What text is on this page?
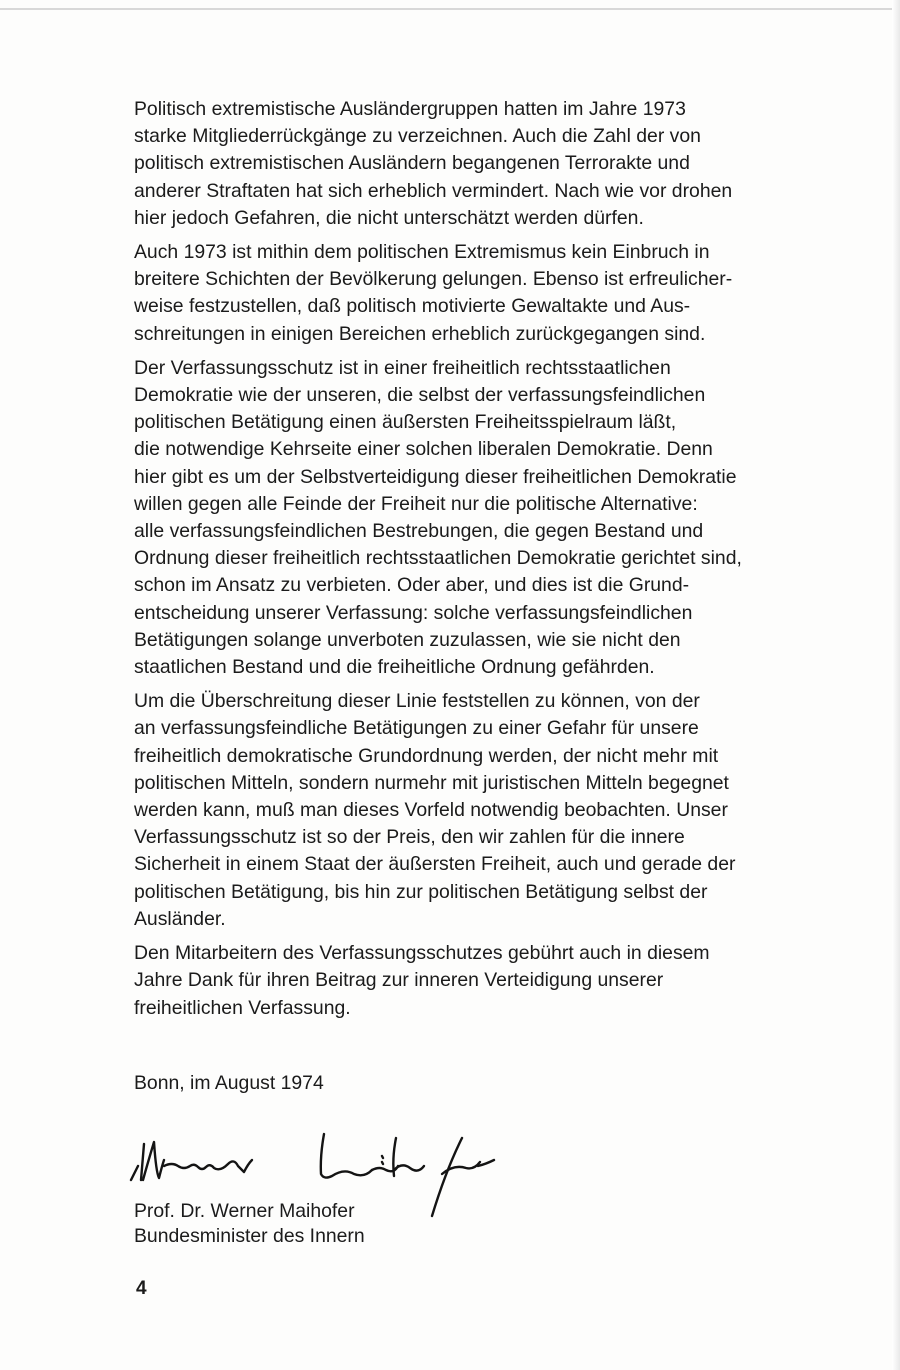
Politisch extremistische Ausländergruppen hatten im Jahre 1973
starke Mitgliederrückgänge zu verzeichnen. Auch die Zahl der von
politisch extremistischen Ausländern begangenen Terrorakte und
anderer Straftaten hat sich erheblich vermindert. Nach wie vor drohen
hier jedoch Gefahren, die nicht unterschätzt werden dürfen.

Auch 1973 ist mithin dem politischen Extremismus kein Einbruch in
breitere Schichten der Bevölkerung gelungen. Ebenso ist erfreulicher-
weise festzustellen, daß politisch motivierte Gewaltakte und Aus-
schreitungen in einigen Bereichen erheblich zurückgegangen sind.

Der Verfassungsschutz ist in einer freiheitlich rechtsstaatlichen
Demokratie wie der unseren, die selbst der verfassungsfeindlichen
politischen Betätigung einen äußersten Freiheitsspielraum läßt,
die notwendige Kehrseite einer solchen liberalen Demokratie. Denn
hier gibt es um der Selbstverteidigung dieser freiheitlichen Demokratie
willen gegen alle Feinde der Freiheit nur die politische Alternative:
alle verfassungsfeindlichen Bestrebungen, die gegen Bestand und
Ordnung dieser freiheitlich rechtsstaatlichen Demokratie gerichtet sind,
schon im Ansatz zu verbieten. Oder aber, und dies ist die Grund-
entscheidung unserer Verfassung: solche verfassungsfeindlichen
Betätigungen solange unverboten zuzulassen, wie sie nicht den
staatlichen Bestand und die freiheitliche Ordnung gefährden.

Um die Überschreitung dieser Linie feststellen zu können, von der
an verfassungsfeindliche Betätigungen zu einer Gefahr für unsere
freiheitlich demokratische Grundordnung werden, der nicht mehr mit
politischen Mitteln, sondern nurmehr mit juristischen Mitteln begegnet
werden kann, muß man dieses Vorfeld notwendig beobachten. Unser
Verfassungsschutz ist so der Preis, den wir zahlen für die innere
Sicherheit in einem Staat der äußersten Freiheit, auch und gerade der
politischen Betätigung, bis hin zur politischen Betätigung selbst der
Ausländer.

Den Mitarbeitern des Verfassungsschutzes gebührt auch in diesem
Jahre Dank für ihren Beitrag zur inneren Verteidigung unserer
freiheitlichen Verfassung.

Bonn, im August 1974
Prof. Dr. Werner Maihofer
Bundesminister des Innern
4
